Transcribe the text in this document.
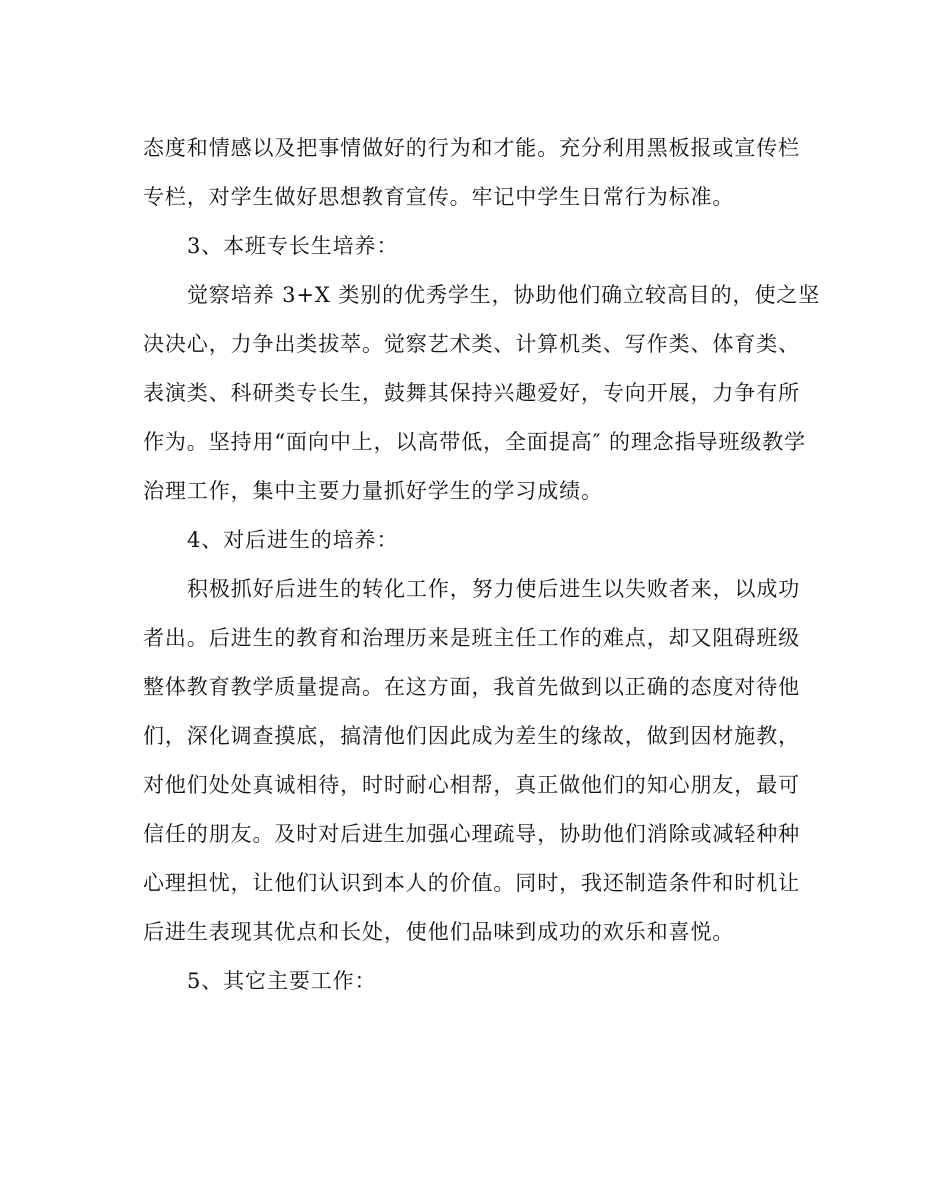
态度和情感以及把事情做好的行为和才能。充分利用黑板报或宣传栏
专栏，对学生做好思想教育宣传。牢记中学生日常行为标准。
3、本班专长生培养：
觉察培养 3+X 类别的优秀学生，协助他们确立较高目的，使之坚
决决心，力争出类拔萃。觉察艺术类、计算机类、写作类、体育类、
表演类、科研类专长生，鼓舞其保持兴趣爱好，专向开展，力争有所
作为。坚持用“面向中上，以高带低，全面提高″ 的理念指导班级教学
治理工作，集中主要力量抓好学生的学习成绩。
4、对后进生的培养：
积极抓好后进生的转化工作，努力使后进生以失败者来，以成功
者出。后进生的教育和治理历来是班主任工作的难点，却又阻碍班级
整体教育教学质量提高。在这方面，我首先做到以正确的态度对待他
们，深化调查摸底，搞清他们因此成为差生的缘故，做到因材施教，
对他们处处真诚相待，时时耐心相帮，真正做他们的知心朋友，最可
信任的朋友。及时对后进生加强心理疏导，协助他们消除或减轻种种
心理担忧，让他们认识到本人的价值。同时，我还制造条件和时机让
后进生表现其优点和长处，使他们品味到成功的欢乐和喜悦。
5、其它主要工作：
